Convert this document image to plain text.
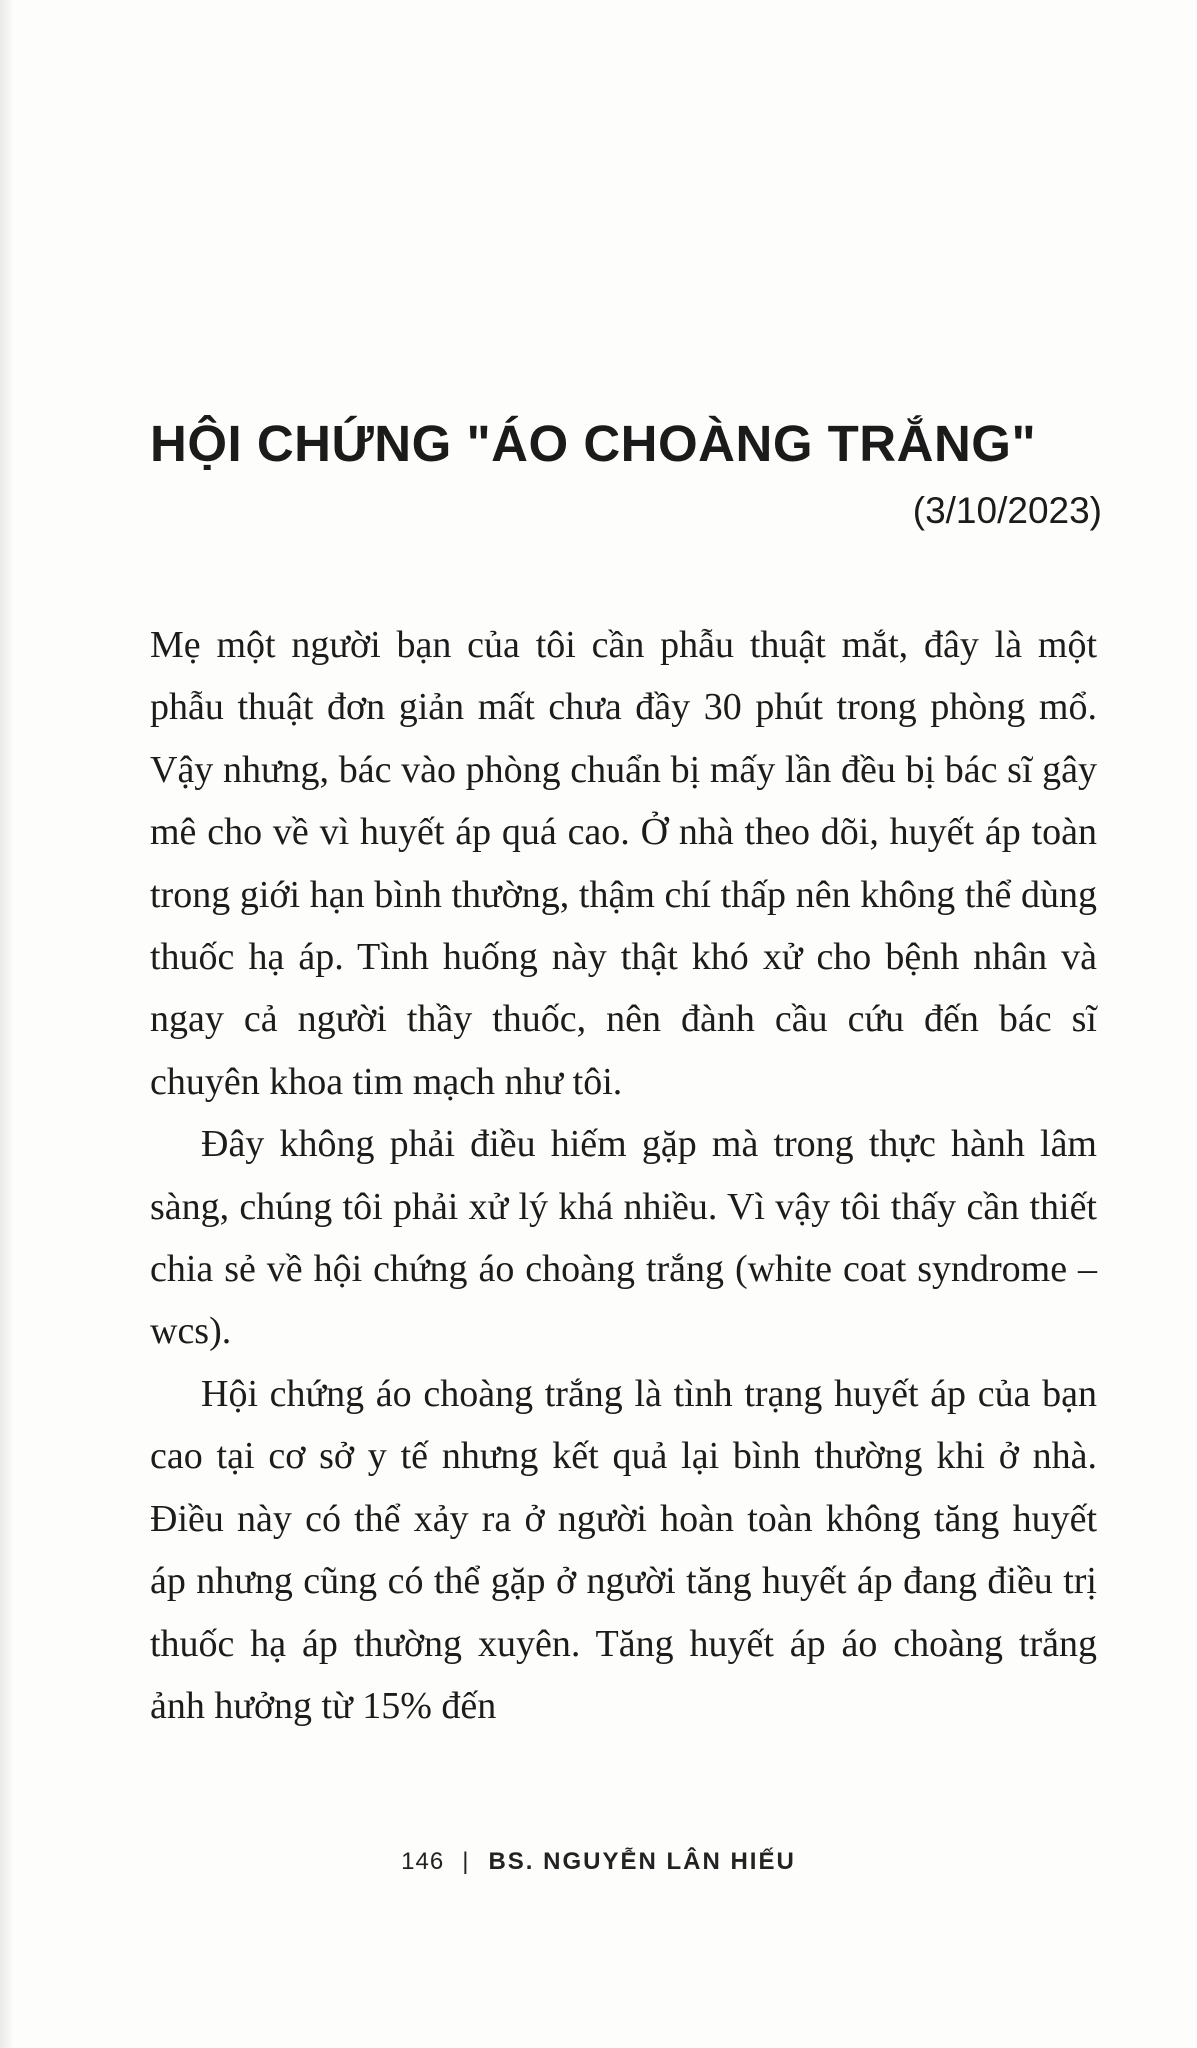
HỘI CHỨNG "ÁO CHOÀNG TRẮNG"
(3/10/2023)

Mẹ một người bạn của tôi cần phẫu thuật mắt, đây là một phẫu thuật đơn giản mất chưa đầy 30 phút trong phòng mổ. Vậy nhưng, bác vào phòng chuẩn bị mấy lần đều bị bác sĩ gây mê cho về vì huyết áp quá cao. Ở nhà theo dõi, huyết áp toàn trong giới hạn bình thường, thậm chí thấp nên không thể dùng thuốc hạ áp. Tình huống này thật khó xử cho bệnh nhân và ngay cả người thầy thuốc, nên đành cầu cứu đến bác sĩ chuyên khoa tim mạch như tôi.

Đây không phải điều hiếm gặp mà trong thực hành lâm sàng, chúng tôi phải xử lý khá nhiều. Vì vậy tôi thấy cần thiết chia sẻ về hội chứng áo choàng trắng (white coat syndrome – wcs).

Hội chứng áo choàng trắng là tình trạng huyết áp của bạn cao tại cơ sở y tế nhưng kết quả lại bình thường khi ở nhà. Điều này có thể xảy ra ở người hoàn toàn không tăng huyết áp nhưng cũng có thể gặp ở người tăng huyết áp đang điều trị thuốc hạ áp thường xuyên. Tăng huyết áp áo choàng trắng ảnh hưởng từ 15% đến

146 | BS. NGUYỄN LÂN HIẾU
